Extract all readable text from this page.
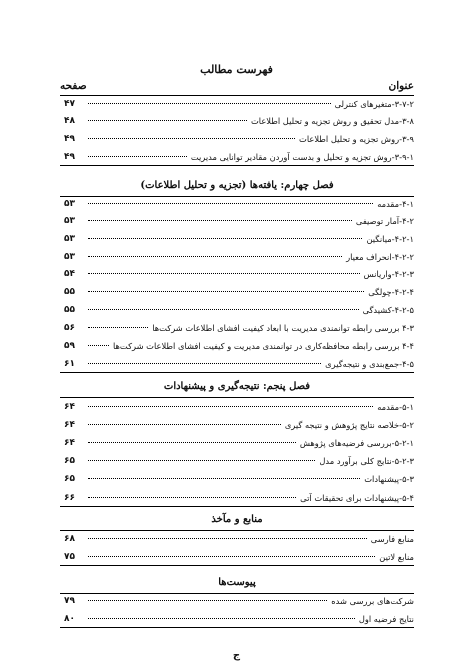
فهرست مطالب
عنوان
صفحه
۴۷	۳-۷-۲-متغیرهای کنترلی
۴۸	۳-۸-مدل تحقیق و روش تجزیه و تحلیل اطلاعات
۴۹	۳-۹-روش تجزیه و تحلیل اطلاعات
۴۹	۳-۹-۱-روش تجزیه و تحلیل و بدست آوردن مقادیر توانایی مدیریت
فصل چهارم: یافته‌ها (تجزیه و تحلیل اطلاعات)
۵۳	۴-۱-مقدمه
۵۳	۴-۲-آمار توصیفی
۵۳	۴-۲-۱-میانگین
۵۳	۴-۲-۲-انحراف معیار
۵۴	۴-۲-۳-واریانس
۵۵	۴-۲-۴-چولگی
۵۵	۴-۲-۵-کشیدگی
۵۶	۴-۳ بررسی رابطه توانمندی مدیریت با ابعاد کیفیت افشای اطلاعات شرکت‌ها
۵۹	۴-۴ بررسی رابطه محافظه‌کاری در توانمندی مدیریت و کیفیت افشای اطلاعات شرکت‌ها
۶۱	۴-۵-جمع‌بندی و نتیجه‌گیری
فصل پنجم: نتیجه‌گیری و پیشنهادات
۶۴	۵-۱-مقدمه
۶۴	۵-۲-خلاصه نتایج پژوهش و نتیجه گیری
۶۴	۵-۲-۱-بررسی فرضیه‌های پژوهش
۶۵	۵-۲-۳-نتایج کلی برآورد مدل
۶۵	۵-۳-پیشنهادات
۶۶	۵-۴-پیشنهادات برای تحقیقات آتی
منابع و مآخذ
۶۸	منابع فارسی
۷۵	منابع لاتین
پیوست‌ها
۷۹	شرکت‌های بررسی شده
۸۰	نتایج فرضیه اول
ج
